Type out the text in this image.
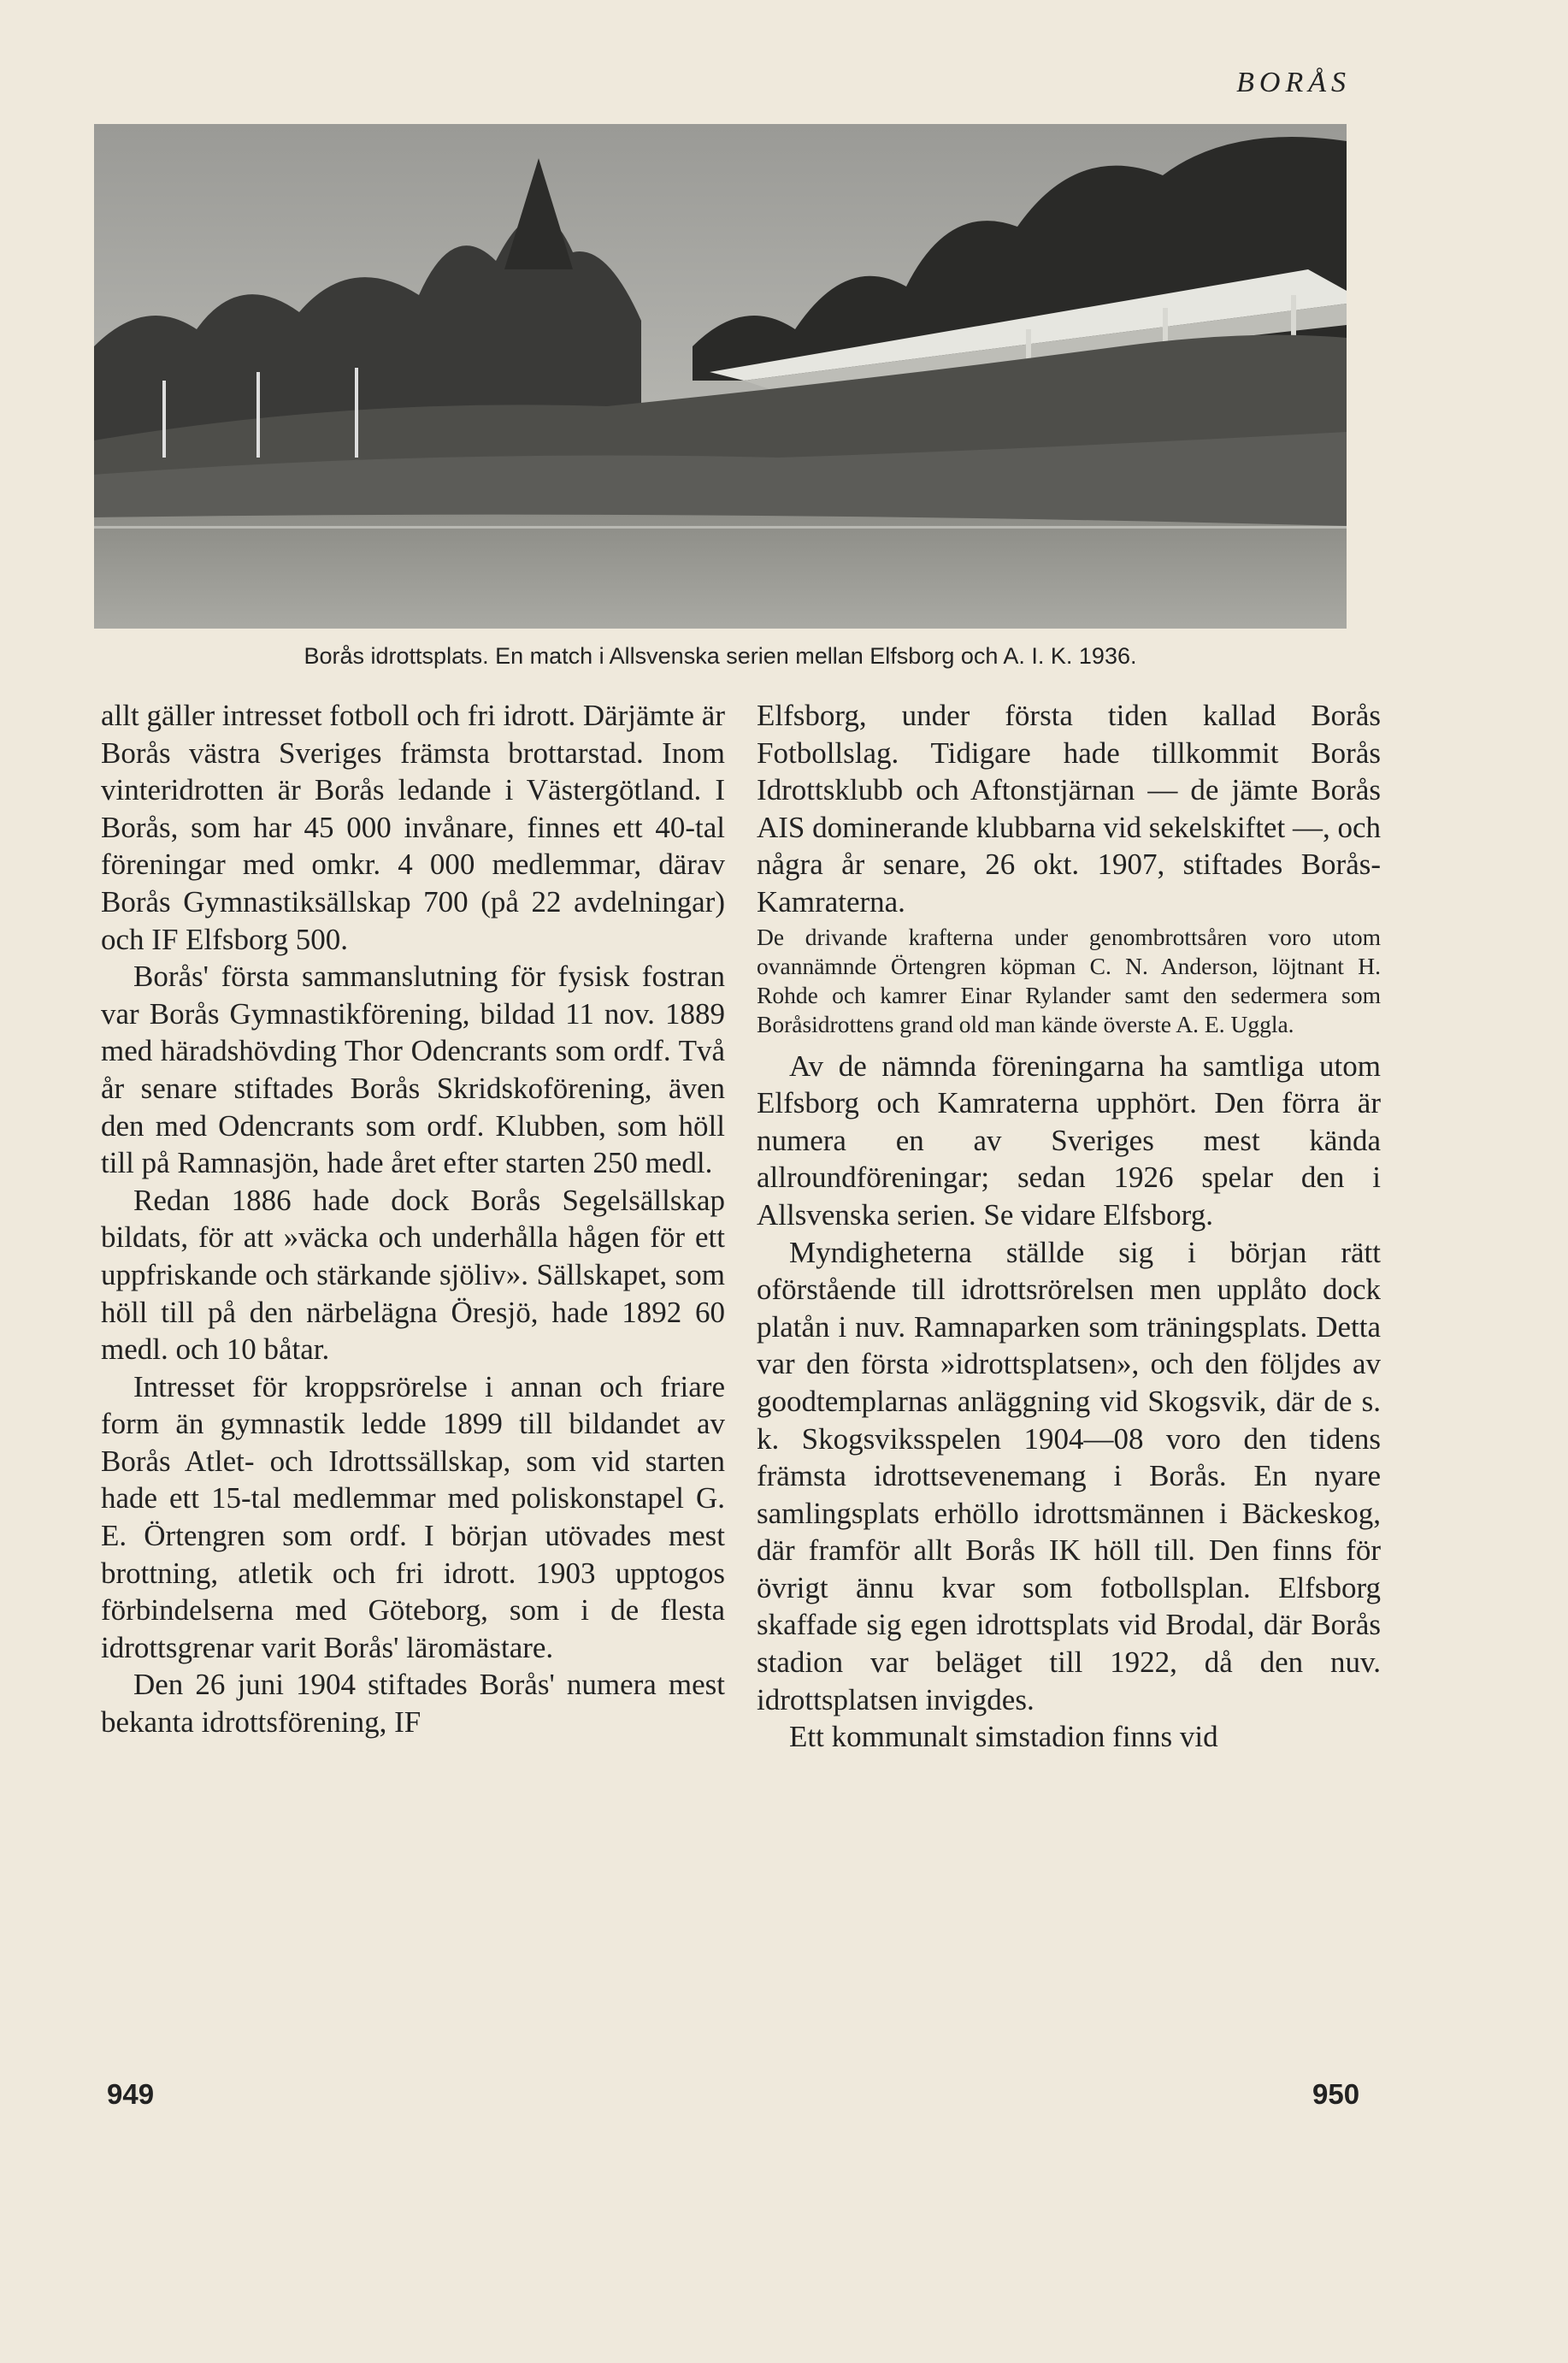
BORÅS
Borås idrottsplats. En match i Allsvenska serien mellan Elfsborg och A. I. K. 1936.

allt gäller intresset fotboll och fri idrott. Därjämte är Borås västra Sveriges främsta brottarstad. Inom vinteridrotten är Borås ledande i Västergötland. I Borås, som har 45 000 invånare, finnes ett 40-tal föreningar med omkr. 4 000 medlemmar, därav Borås Gymnastiksällskap 700 (på 22 avdelningar) och IF Elfsborg 500.

Borås' första sammanslutning för fysisk fostran var Borås Gymnastikförening, bildad 11 nov. 1889 med häradshövding Thor Odencrants som ordf. Två år senare stiftades Borås Skridskoförening, även den med Odencrants som ordf. Klubben, som höll till på Ramnasjön, hade året efter starten 250 medl.

Redan 1886 hade dock Borås Segelsällskap bildats, för att »väcka och underhålla hågen för ett uppfriskande och stärkande sjöliv». Sällskapet, som höll till på den närbelägna Öresjö, hade 1892 60 medl. och 10 båtar.

Intresset för kroppsrörelse i annan och friare form än gymnastik ledde 1899 till bildandet av Borås Atlet- och Idrottssällskap, som vid starten hade ett 15-tal medlemmar med poliskonstapel G. E. Örtengren som ordf. I början utövades mest brottning, atletik och fri idrott. 1903 upptogos förbindelserna med Göteborg, som i de flesta idrottsgrenar varit Borås' läromästare.

Den 26 juni 1904 stiftades Borås' numera mest bekanta idrottsförening, IF

Elfsborg, under första tiden kallad Borås Fotbollslag. Tidigare hade tillkommit Borås Idrottsklubb och Aftonstjärnan — de jämte Borås AIS dominerande klubbarna vid sekelskiftet —, och några år senare, 26 okt. 1907, stiftades Borås-Kamraterna.

De drivande krafterna under genombrottsåren voro utom ovannämnde Örtengren köpman C. N. Anderson, löjtnant H. Rohde och kamrer Einar Rylander samt den sedermera som Boråsidrottens grand old man kände överste A. E. Uggla.

Av de nämnda föreningarna ha samtliga utom Elfsborg och Kamraterna upphört. Den förra är numera en av Sveriges mest kända allroundföreningar; sedan 1926 spelar den i Allsvenska serien. Se vidare Elfsborg.

Myndigheterna ställde sig i början rätt oförstående till idrottsrörelsen men upplåto dock platån i nuv. Ramnaparken som träningsplats. Detta var den första »idrottsplatsen», och den följdes av goodtemplarnas anläggning vid Skogsvik, där de s. k. Skogsviksspelen 1904—08 voro den tidens främsta idrottsevenemang i Borås. En nyare samlingsplats erhöllo idrottsmännen i Bäckeskog, där framför allt Borås IK höll till. Den finns för övrigt ännu kvar som fotbollsplan. Elfsborg skaffade sig egen idrottsplats vid Brodal, där Borås stadion var beläget till 1922, då den nuv. idrottsplatsen invigdes.

Ett kommunalt simstadion finns vid

949	950
